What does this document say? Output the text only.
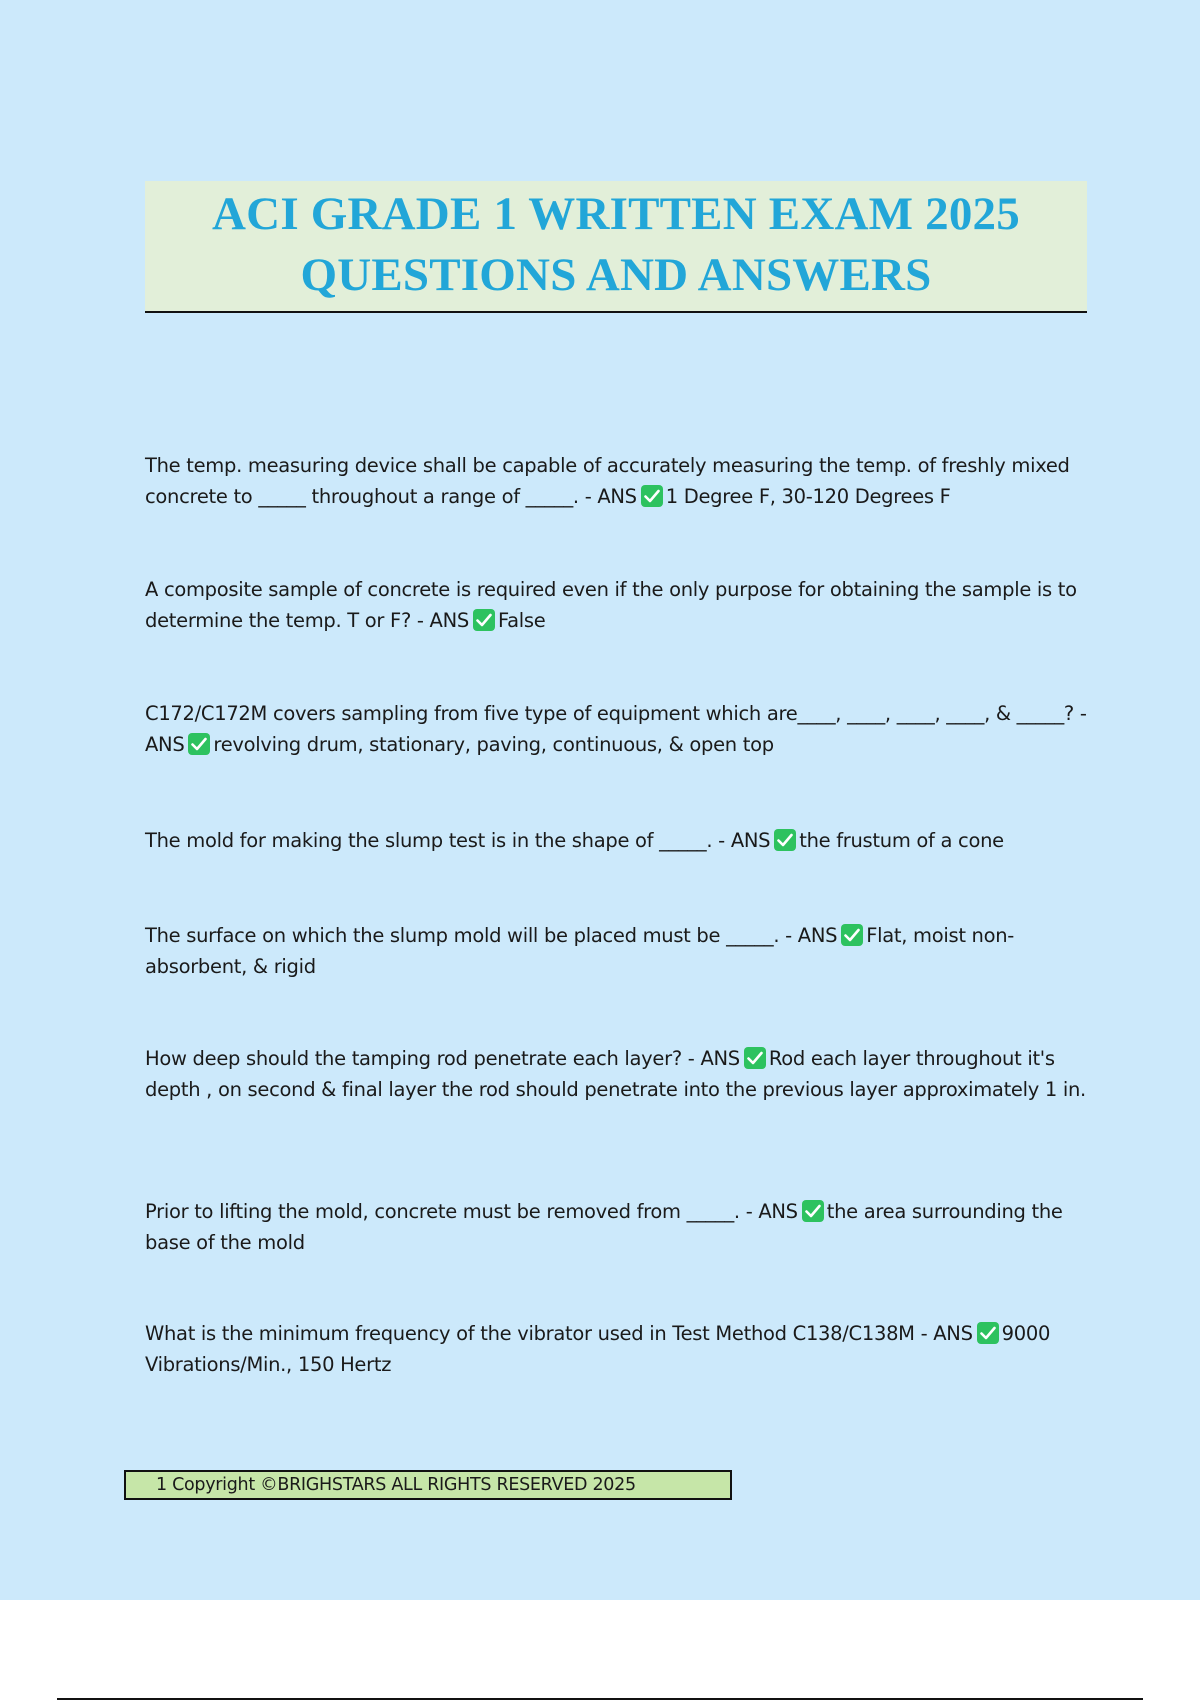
ACI GRADE 1 WRITTEN EXAM 2025
QUESTIONS AND ANSWERS
The temp. measuring device shall be capable of accurately measuring the temp. of freshly mixed concrete to _____ throughout a range of _____. - ANS 1 Degree F, 30-120 Degrees F
A composite sample of concrete is required even if the only purpose for obtaining the sample is to determine the temp. T or F? - ANS False
C172/C172M covers sampling from five type of equipment which are____, ____, ____, ____, & _____? - ANS revolving drum, stationary, paving, continuous, & open top
The mold for making the slump test is in the shape of _____. - ANS the frustum of a cone
The surface on which the slump mold will be placed must be _____. - ANS Flat, moist non-absorbent, & rigid
How deep should the tamping rod penetrate each layer? - ANS Rod each layer throughout it's depth , on second & final layer the rod should penetrate into the previous layer approximately 1 in.
Prior to lifting the mold, concrete must be removed from _____. - ANS the area surrounding the base of the mold
What is the minimum frequency of the vibrator used in Test Method C138/C138M - ANS 9000 Vibrations/Min., 150 Hertz
1 Copyright ©BRIGHSTARS ALL RIGHTS RESERVED 2025
